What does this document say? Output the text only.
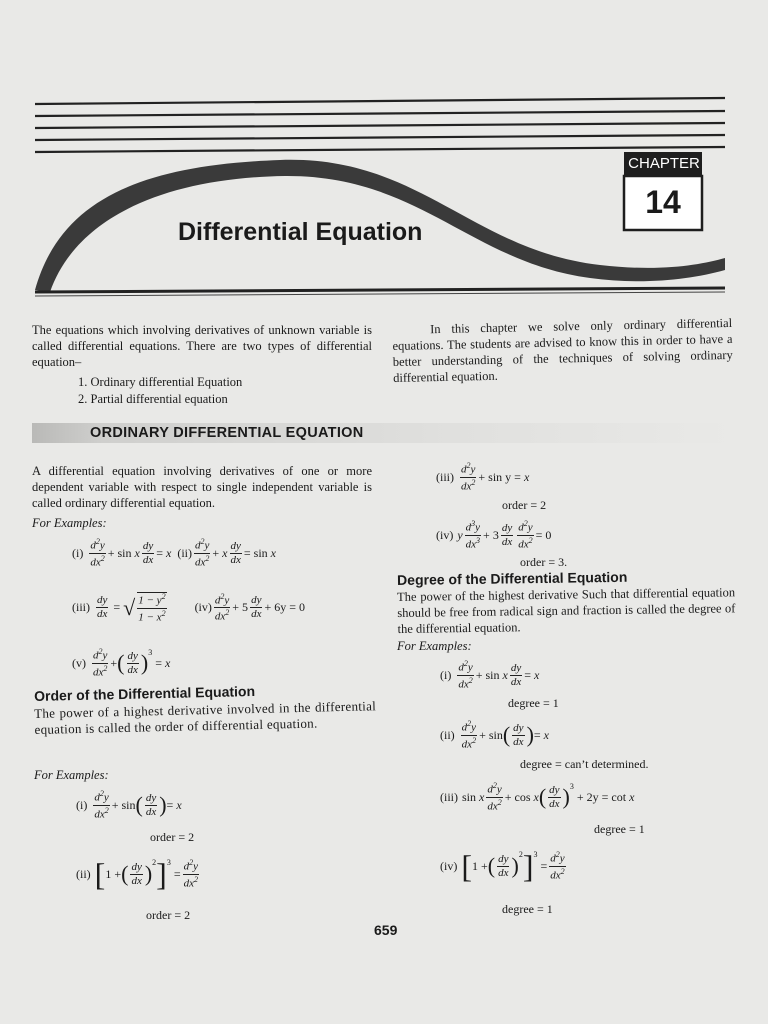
CHAPTER
14
Differential Equation
The equations which involving derivatives of unknown variable is called differential equations. There are two types of differential equation–
1. Ordinary differential Equation
2. Partial differential equation
In this chapter we solve only ordinary differential equations. The students are advised to know this in order to have a better understanding of the techniques of solving ordinary differential equation.
ORDINARY DIFFERENTIAL EQUATION
A differential equation involving derivatives of one or more dependent variable with respect to single independent variable is called ordinary differential equation.
For Examples:
$(i) \frac{d^2y}{dx^2} + \sin x \frac{dy}{dx} = x$  $(ii) \frac{d^2y}{dx^2} + x \frac{dy}{dx} = \sin x$
$(iii) \frac{dy}{dx}$ = √ $\frac{1 - y^2}{1 - x^2} (iv) \frac{d^2y}{dx^2} + 5 \frac{dy}{dx} + 6y = 0$
$(v) \frac{d^2y}{dx^2}$ + ( $\frac{dy}{dx} )^3$
= x
Order of the Differential Equation
The power of a highest derivative involved in the differential equation is called the order of differential equation.
For Examples:
$(i) \frac{d^2y}{dx^2} + \sin$ ( $\frac{dy}{dx}$ ) = x
order = 2
(ii) [ 1 + ( $\frac{dy}{dx} )^2$ ]$^3$
= $\frac{d^2y}{dx^2}$
order = 2
$(iii) \frac{d^2y}{dx^2} + \sin y = x$
order = 2
(iv) y $\frac{d^3y}{dx^3} + 3 \frac{dy}{dx} \frac{d^2y}{dx^2} = 0$
order = 3.
Degree of the Differential Equation
The power of the highest derivative Such that differential equation should be free from radical sign and fraction is called the degree of the differential equation.
For Examples:
$(i) \frac{d^2y}{dx^2} + \sin x \frac{dy}{dx} = x$
degree = 1
$(ii) \frac{d^2y}{dx^2} + \sin$ ( $\frac{dy}{dx}$ ) = x
degree = can’t determined.
(iii) sin x $\frac{d^2y}{dx^2} + \cos x$ ( $\frac{dy}{dx} )^3$
+ 2y = cot x
degree = 1
(iv) [ 1 + ( $\frac{dy}{dx} )^2$ ]$^3$
= $\frac{d^2y}{dx^2}$
degree = 1
659
